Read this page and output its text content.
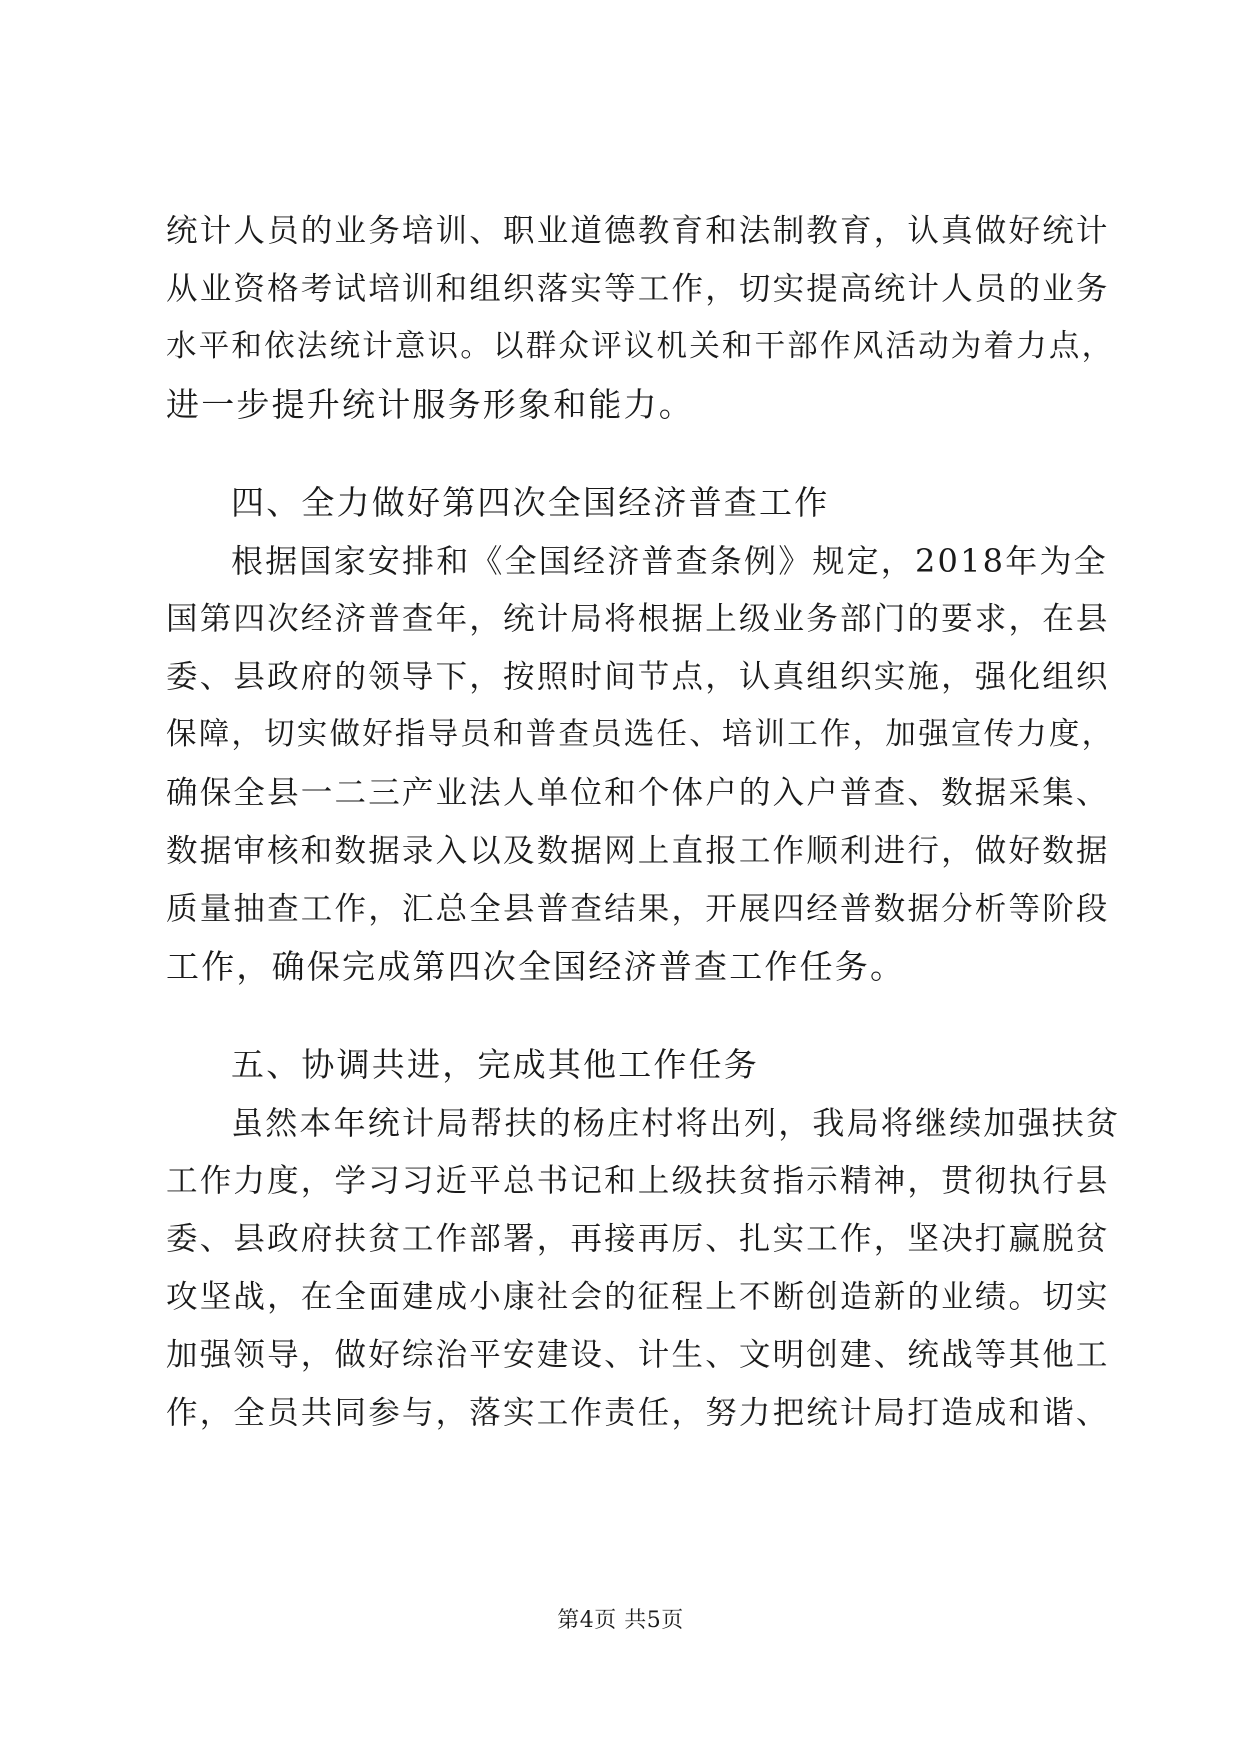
统计人员的业务培训、职业道德教育和法制教育，认真做好统计
从业资格考试培训和组织落实等工作，切实提高统计人员的业务
水平和依法统计意识。以群众评议机关和干部作风活动为着力点，
进一步提升统计服务形象和能力。
四、全力做好第四次全国经济普查工作
根据国家安排和《全国经济普查条例》规定，2018年为全
国第四次经济普查年，统计局将根据上级业务部门的要求，在县
委、县政府的领导下，按照时间节点，认真组织实施，强化组织
保障，切实做好指导员和普查员选任、培训工作，加强宣传力度，
确保全县一二三产业法人单位和个体户的入户普查、数据采集、
数据审核和数据录入以及数据网上直报工作顺利进行，做好数据
质量抽查工作，汇总全县普查结果，开展四经普数据分析等阶段
工作，确保完成第四次全国经济普查工作任务。
五、协调共进，完成其他工作任务
虽然本年统计局帮扶的杨庄村将出列，我局将继续加强扶贫
工作力度，学习习近平总书记和上级扶贫指示精神，贯彻执行县
委、县政府扶贫工作部署，再接再厉、扎实工作，坚决打赢脱贫
攻坚战，在全面建成小康社会的征程上不断创造新的业绩。切实
加强领导，做好综治平安建设、计生、文明创建、统战等其他工
作，全员共同参与，落实工作责任，努力把统计局打造成和谐、
第4页 共5页
